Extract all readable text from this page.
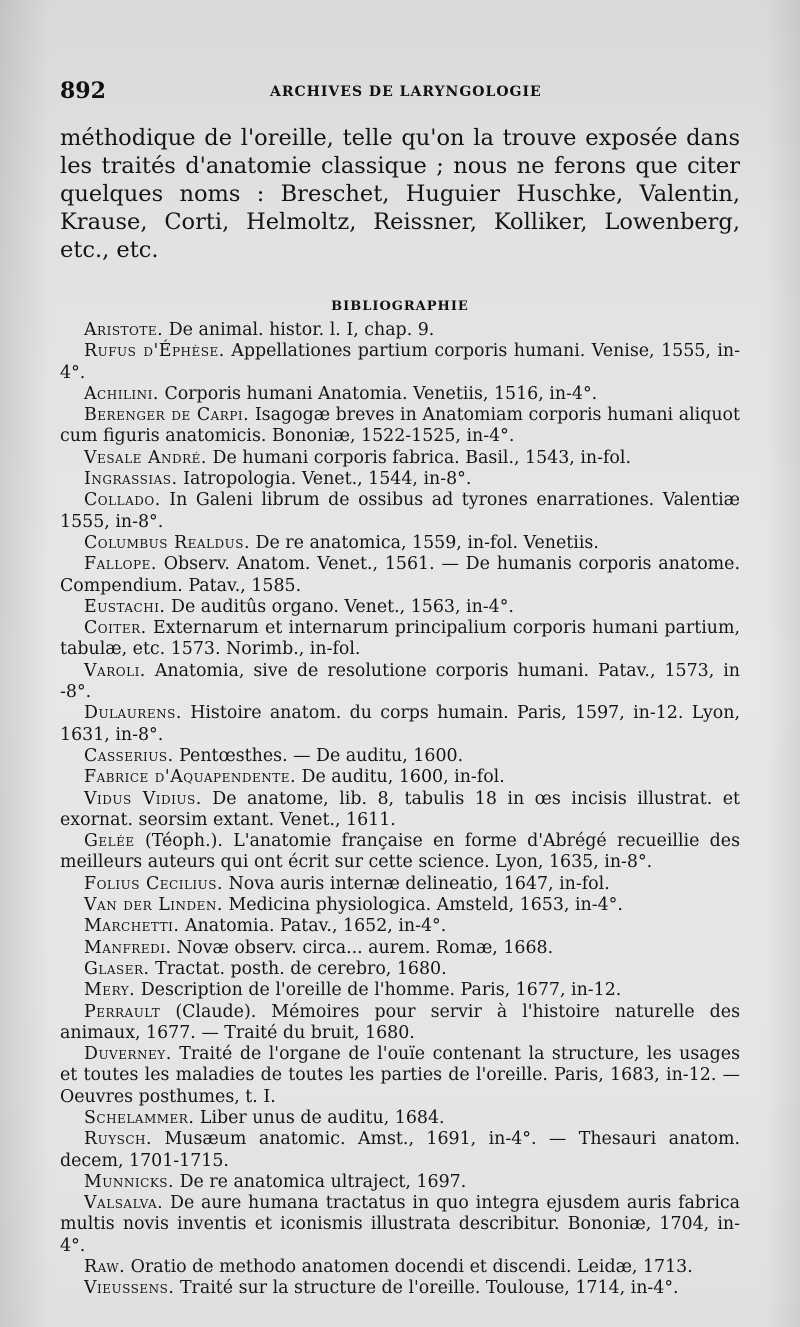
892	ARCHIVES DE LARYNGOLOGIE

méthodique de l'oreille, telle qu'on la trouve exposée dans les traités d'anatomie classique ; nous ne ferons que citer quelques noms : Breschet, Huguier Huschke, Valentin, Krause, Corti, Helmoltz, Reissner, Kolliker, Lowenberg, etc., etc.

BIBLIOGRAPHIE
Aristote. De animal. histor. l. I, chap. 9.
Rufus d'Éphèse. Appellationes partium corporis humani. Venise, 1555, in-4°.
Achilini. Corporis humani Anatomia. Venetiis, 1516, in-4°.
Berenger de Carpi. Isagogæ breves in Anatomiam corporis humani aliquot cum figuris anatomicis. Bononiæ, 1522-1525, in-4°.
Vesale André. De humani corporis fabrica. Basil., 1543, in-fol.
Ingrassias. Iatropologia. Venet., 1544, in-8°.
Collado. In Galeni librum de ossibus ad tyrones enarrationes. Valentiæ 1555, in-8°.
Columbus Realdus. De re anatomica, 1559, in-fol. Venetiis.
Fallope. Observ. Anatom. Venet., 1561. — De humanis corporis anatome. Compendium. Patav., 1585.
Eustachi. De auditûs organo. Venet., 1563, in-4°.
Coiter. Externarum et internarum principalium corporis humani partium, tabulæ, etc. 1573. Norimb., in-fol.
Varoli. Anatomia, sive de resolutione corporis humani. Patav., 1573, in -8°.
Dulaurens. Histoire anatom. du corps humain. Paris, 1597, in-12. Lyon, 1631, in-8°.
Casserius. Pentœsthes. — De auditu, 1600.
Fabrice d'Aquapendente. De auditu, 1600, in-fol.
Vidus Vidius. De anatome, lib. 8, tabulis 18 in œs incisis illustrat. et exornat. seorsim extant. Venet., 1611.
Gelée (Téoph.). L'anatomie française en forme d'Abrégé recueillie des meilleurs auteurs qui ont écrit sur cette science. Lyon, 1635, in-8°.
Folius Cecilius. Nova auris internæ delineatio, 1647, in-fol.
Van der Linden. Medicina physiologica. Amsteld, 1653, in-4°.
Marchetti. Anatomia. Patav., 1652, in-4°.
Manfredi. Novæ observ. circa... aurem. Romæ, 1668.
Glaser. Tractat. posth. de cerebro, 1680.
Mery. Description de l'oreille de l'homme. Paris, 1677, in-12.
Perrault (Claude). Mémoires pour servir à l'histoire naturelle des animaux, 1677. — Traité du bruit, 1680.
Duverney. Traité de l'organe de l'ouïe contenant la structure, les usages et toutes les maladies de toutes les parties de l'oreille. Paris, 1683, in-12. — Oeuvres posthumes, t. I.
Schelammer. Liber unus de auditu, 1684.
Ruysch. Musæum anatomic. Amst., 1691, in-4°. — Thesauri anatom. decem, 1701-1715.
Munnicks. De re anatomica ultraject, 1697.
Valsalva. De aure humana tractatus in quo integra ejusdem auris fabrica multis novis inventis et iconismis illustrata describitur. Bononiæ, 1704, in-4°.
Raw. Oratio de methodo anatomen docendi et discendi. Leidæ, 1713.
Vieussens. Traité sur la structure de l'oreille. Toulouse, 1714, in-4°.
